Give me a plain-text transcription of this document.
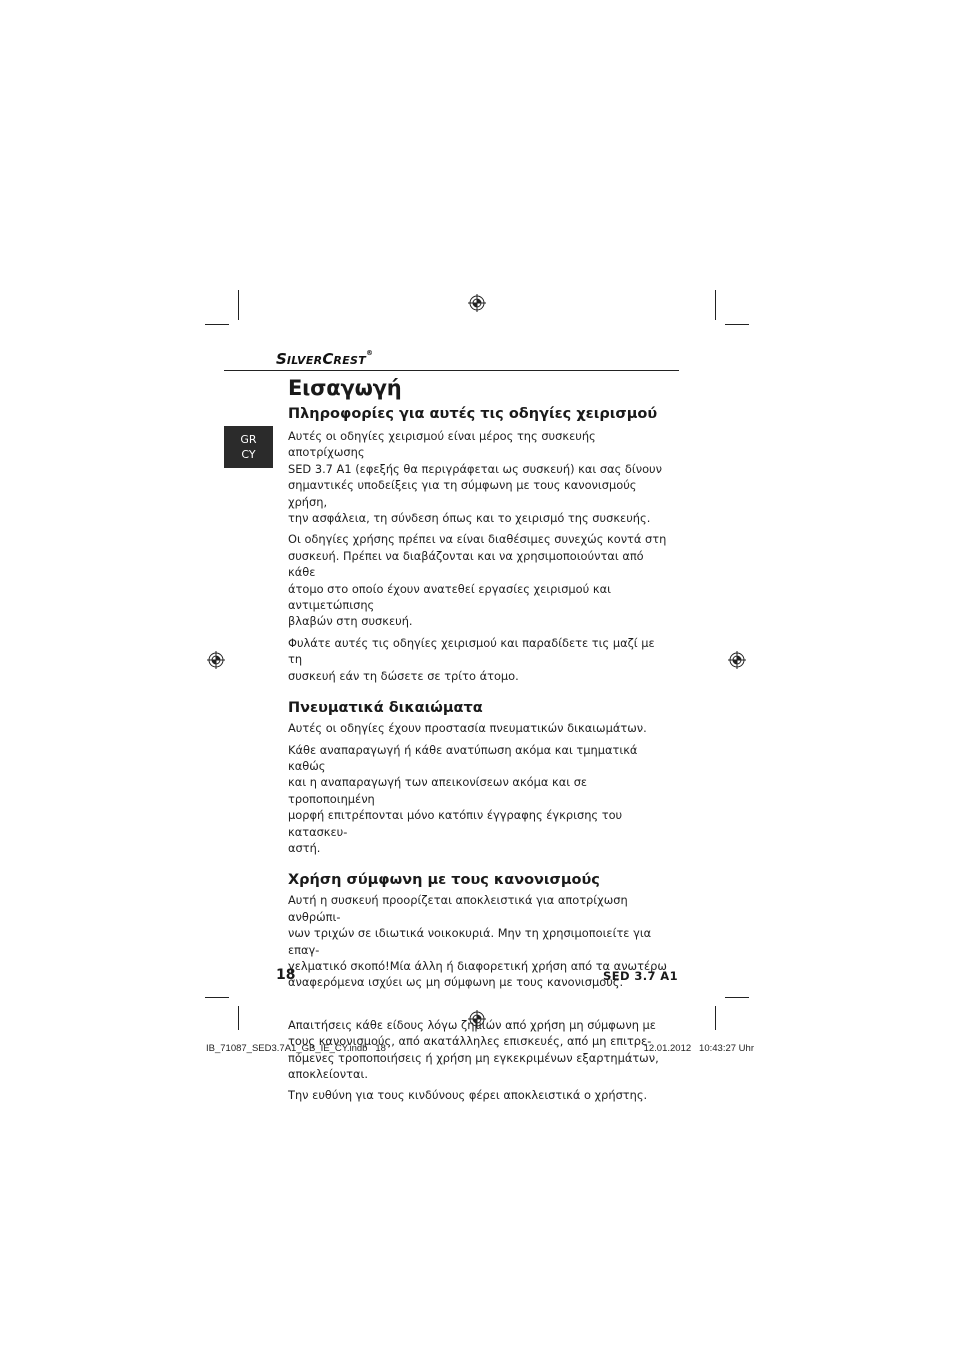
SILVERCREST®
GR
CY
Εισαγωγή
Πληροφορίες για αυτές τις οδηγίες χειρισμού

Αυτές οι οδηγίες χειρισμού είναι μέρος της συσκευής αποτρίχωσης
SED 3.7 A1 (εφεξής θα περιγράφεται ως συσκευή) και σας δίνουν
σημαντικές υποδείξεις για τη σύμφωνη με τους κανονισμούς χρήση,
την ασφάλεια, τη σύνδεση όπως και το χειρισμό της συσκευής.

Οι οδηγίες χρήσης πρέπει να είναι διαθέσιμες συνεχώς κοντά στη
συσκευή. Πρέπει να διαβάζονται και να χρησιμοποιούνται από κάθε
άτομο στο οποίο έχουν ανατεθεί εργασίες χειρισμού και αντιμετώπισης
βλαβών στη συσκευή.

Φυλάτε αυτές τις οδηγίες χειρισμού και παραδίδετε τις μαζί με τη
συσκευή εάν τη δώσετε σε τρίτο άτομο.

Πνευματικά δικαιώματα

Αυτές οι οδηγίες έχουν προστασία πνευματικών δικαιωμάτων.

Κάθε αναπαραγωγή ή κάθε ανατύπωση ακόμα και τμηματικά καθώς
και η αναπαραγωγή των απεικονίσεων ακόμα και σε τροποποιημένη
μορφή επιτρέπονται μόνο κατόπιν έγγραφης έγκρισης του κατασκευ-
αστή.

Χρήση σύμφωνη με τους κανονισμούς

Αυτή η συσκευή προορίζεται αποκλειστικά για αποτρίχωση ανθρώπι-
νων τριχών σε ιδιωτικά νοικοκυριά. Μην τη χρησιμοποιείτε για επαγ-
γελματικό σκοπό!Μία άλλη ή διαφορετική χρήση από τα ανωτέρω
αναφερόμενα ισχύει ως μη σύμφωνη με τους κανονισμούς.

Απαιτήσεις κάθε είδους λόγω ζημιών από χρήση μη σύμφωνη με
τους κανονισμούς, από ακατάλληλες επισκευές, από μη επιτρε-
πόμενες τροποποιήσεις ή χρήση μη εγκεκριμένων εξαρτημάτων,
αποκλείονται.

Την ευθύνη για τους κινδύνους φέρει αποκλειστικά ο χρήστης.

18	SED 3.7 A1
IB_71087_SED3.7A1_GB_IE_CY.indb   18	12.01.2012   10:43:27 Uhr
